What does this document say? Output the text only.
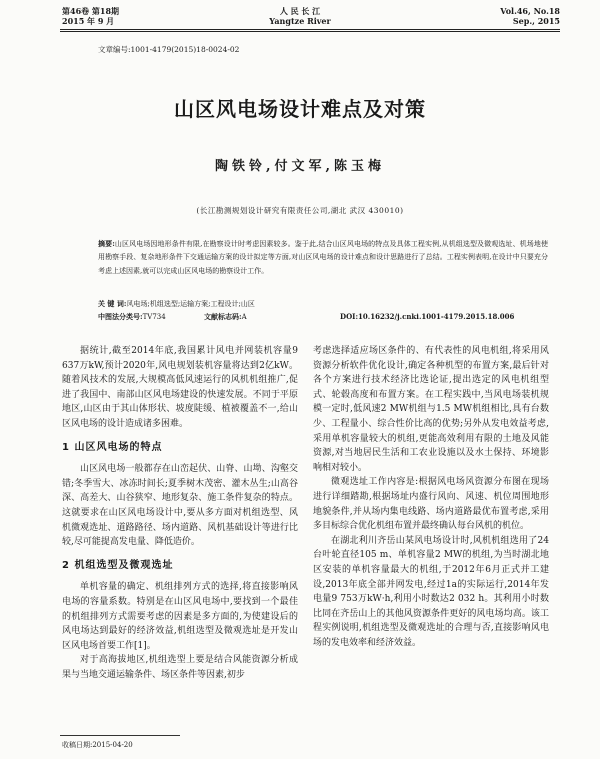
第46卷 第18期
2015 年 9 月
人 民 长 江
Yangtze River
Vol.46, No.18
Sep., 2015
文章编号:1001-4179(2015)18-0024-02
山区风电场设计难点及对策
陶铁铃,付文军,陈玉梅
(长江勘测规划设计研究有限责任公司,湖北 武汉 430010)
摘要:山区风电场因地形条件有限,在勘察设计时考虑因素较多。鉴于此,结合山区风电场的特点及具体工程实例,从机组选型及微观选址、机场地使用勘察手段、复杂地形条件下交通运输方案的设计拟定等方面,对山区风电场的设计难点和设计思路进行了总结。工程实例表明,在设计中只要充分考虑上述因素,就可以完成山区风电场的勘察设计工作。
关 键 词:风电场;机组选型;运输方案;工程设计;山区
中图法分类号:TV734	文献标志码:A	DOI:10.16232/j.cnki.1001-4179.2015.18.006

据统计,截至2014年底,我国累计风电并网装机容量9 637万kW,预计2020年,风电规划装机容量将达到2亿kW。随着风技术的发展,大规模高低风速运行的风机机组推广,促进了我国中、南部山区风电场建设的快速发展。不同于平原地区,山区由于其山体形状、坡度陡缓、植被覆盖不一,给山区风电场的设计造成诸多困难。

1 山区风电场的特点

山区风电场一般都存在山峦起伏、山脊、山坳、沟壑交错;冬季雪大、冰冻时间长;夏季树木茂密、灌木丛生;山高谷深、高差大、山谷狭窄、地形复杂、施工条件复杂的特点。这就要求在山区风电场设计中,要从多方面对机组选型、风机微观选址、道路路径、场内道路、风机基础设计等进行比较,尽可能提高发电量、降低造价。

2 机组选型及微观选址

单机容量的确定、机组排列方式的选择,将直接影响风电场的容量系数。特别是在山区风电场中,要找到一个最佳的机组排列方式需要考虑的因素是多方面的,为使建设后的风电场达到最好的经济效益,机组选型及微观选址是开发山区风电场首要工作[1]。

对于高海拔地区,机组选型上要是结合风能资源分析成果与当地交通运输条件、场区条件等因素,初步

考虑选择适应场区条件的、有代表性的风电机组,将采用风资源分析软件优化设计,确定各种机型的布置方案,最后针对各个方案进行技术经济比选论证,提出选定的风电机组型式、轮毂高度和布置方案。在工程实践中,当风电场装机规模一定时,低风速2 MW机组与1.5 MW机组相比,具有台数少、工程量小、综合性价比高的优势;另外从发电效益考虑,采用单机容量较大的机组,更能高效利用有限的土地及风能资源,对当地居民生活和工农业设施以及水土保持、环境影响相对较小。

微观选址工作内容是:根据风电场风资源分布图在现场进行详细踏勘,根据场址内盛行风向、风速、机位周围地形地貌条件,并从场内集电线路、场内道路最优布置考虑,采用多目标综合优化机组布置并最终确认每台风机的机位。

在湖北利川齐岳山某风电场设计时,风机机组选用了24台叶轮直径105 m、单机容量2 MW的机组,为当时湖北地区安装的单机容量最大的机组,于2012年6月正式并工建设,2013年底全部并网发电,经过1a的实际运行,2014年发电量9 753万kW·h,利用小时数达2 032 h。其利用小时数比同在齐岳山上的其他风资源条件更好的风电场均高。该工程实例说明,机组选型及微观选址的合理与否,直接影响风电场的发电效率和经济效益。

收稿日期:2015-04-20
